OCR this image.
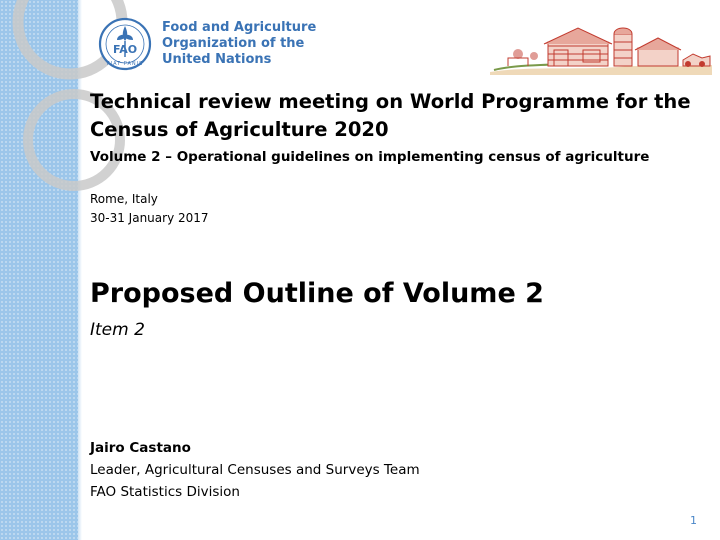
FAO
FIAT PANIS
Food and Agriculture
Organization of the
United Nations
Technical review meeting on World Programme for the Census of Agriculture 2020
Volume 2 – Operational guidelines on implementing census of agriculture
Rome, Italy
30-31 January 2017
Proposed Outline of Volume 2
Item 2
Jairo Castano
Leader, Agricultural Censuses and Surveys Team
FAO Statistics Division
1
